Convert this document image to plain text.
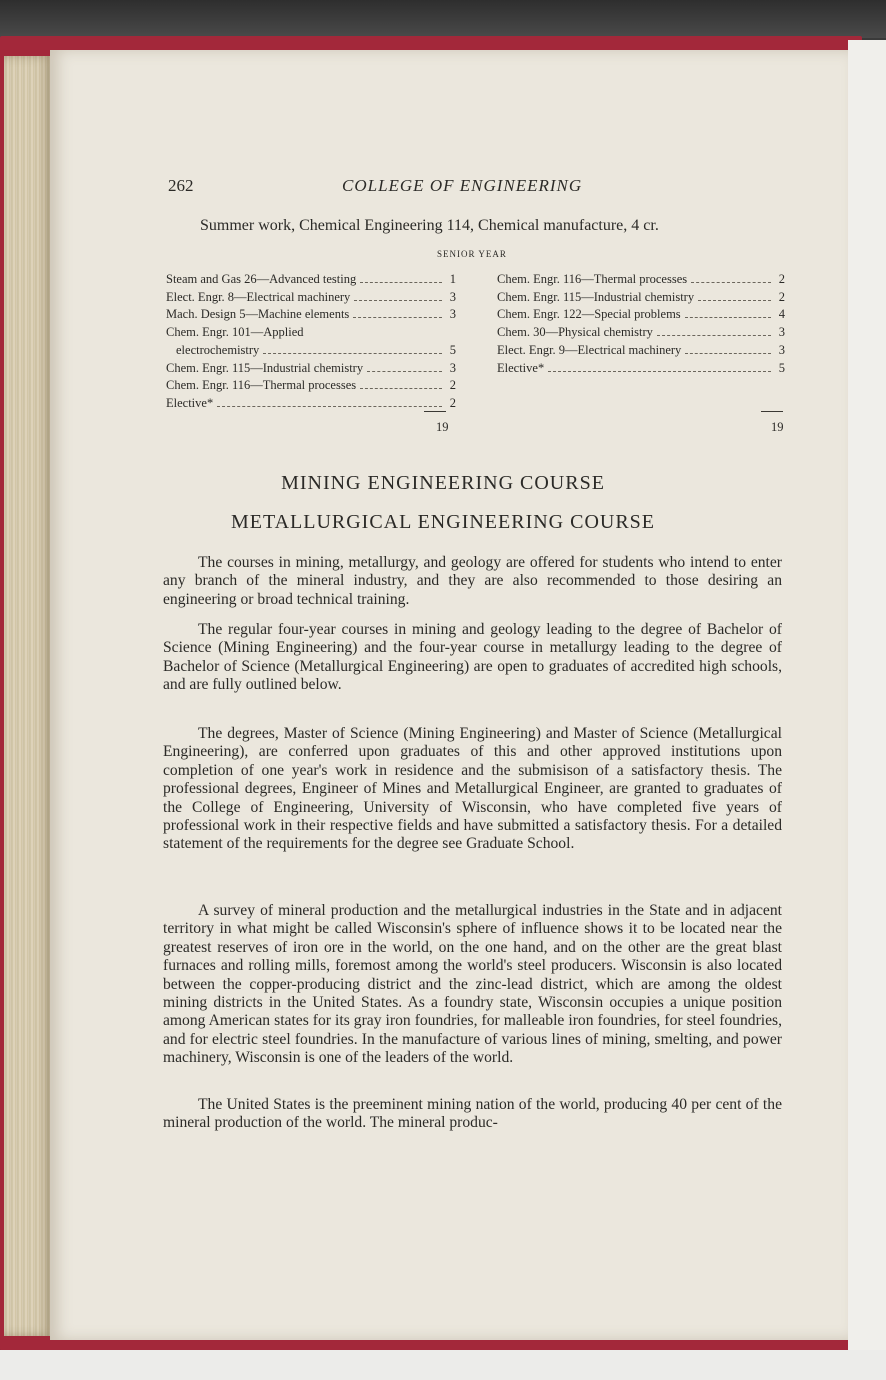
262	COLLEGE OF ENGINEERING
Summer work, Chemical Engineering 114, Chemical manufacture, 4 cr.
SENIOR YEAR
Steam and Gas 26—Advanced testing	1
Elect. Engr. 8—Electrical machinery	3
Mach. Design 5—Machine elements	3
Chem. Engr. 101—Applied
electrochemistry	5
Chem. Engr. 115—Industrial chemistry	3
Chem. Engr. 116—Thermal processes	2
Elective*	2
Chem. Engr. 116—Thermal processes	2
Chem. Engr. 115—Industrial chemistry	2
Chem. Engr. 122—Special problems	4
Chem. 30—Physical chemistry	3
Elect. Engr. 9—Electrical machinery	3
Elective*	5
19	19
MINING ENGINEERING COURSE
METALLURGICAL ENGINEERING COURSE
The courses in mining, metallurgy, and geology are offered for students who intend to enter any branch of the mineral industry, and they are also recommended to those desiring an engineering or broad technical training.
The regular four-year courses in mining and geology leading to the degree of Bachelor of Science (Mining Engineering) and the four-year course in metallurgy leading to the degree of Bachelor of Science (Metallurgical Engineering) are open to graduates of accredited high schools, and are fully outlined below.
The degrees, Master of Science (Mining Engineering) and Master of Science (Metallurgical Engineering), are conferred upon graduates of this and other approved institutions upon completion of one year's work in residence and the submisison of a satisfactory thesis. The professional degrees, Engineer of Mines and Metallurgical Engineer, are granted to graduates of the College of Engineering, University of Wisconsin, who have completed five years of professional work in their respective fields and have submitted a satisfactory thesis. For a detailed statement of the requirements for the degree see Graduate School.
A survey of mineral production and the metallurgical industries in the State and in adjacent territory in what might be called Wisconsin's sphere of influence shows it to be located near the greatest reserves of iron ore in the world, on the one hand, and on the other are the great blast furnaces and rolling mills, foremost among the world's steel producers. Wisconsin is also located between the copper-producing district and the zinc-lead district, which are among the oldest mining districts in the United States. As a foundry state, Wisconsin occupies a unique position among American states for its gray iron foundries, for malleable iron foundries, for steel foundries, and for electric steel foundries. In the manufacture of various lines of mining, smelting, and power machinery, Wisconsin is one of the leaders of the world.
The United States is the preeminent mining nation of the world, producing 40 per cent of the mineral production of the world. The mineral produc-
